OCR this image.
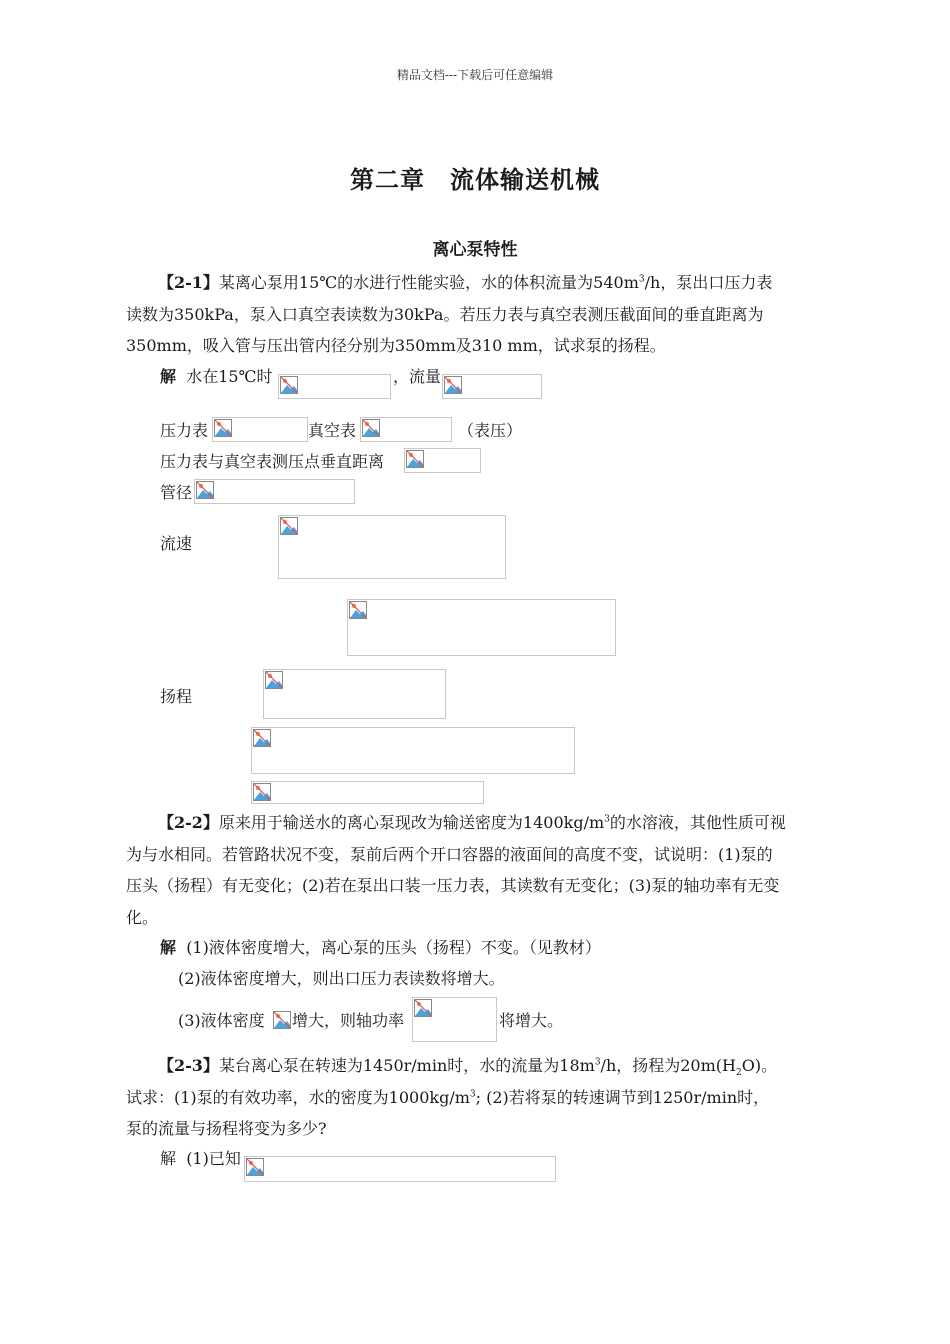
精品文档---下载后可任意编辑
第二章　流体输送机械
离心泵特性
【2-1】某离心泵用15℃的水进行性能实验，水的体积流量为$540m^3/h$，泵出口压力表
读数为350kPa，泵入口真空表读数为30kPa。若压力表与真空表测压截面间的垂直距离为
350mm，吸入管与压出管内径分别为350mm及310 mm，试求泵的扬程。
解 水在15℃时	，流量
压力表	真空表	（表压）
压力表与真空表测压点垂直距离
管径
流速
扬程
【2-2】原来用于输送水的离心泵现改为输送密度为$1400kg/m^3$的水溶液，其他性质可视
为与水相同。若管路状况不变，泵前后两个开口容器的液面间的高度不变，试说明：(1)泵的
压头（扬程）有无变化；(2)若在泵出口装一压力表，其读数有无变化；(3)泵的轴功率有无变
化。
解 (1)液体密度增大，离心泵的压头（扬程）不变。（见教材）
(2)液体密度增大，则出口压力表读数将增大。
(3)液体密度 增大，则轴功率	将增大。
【2-3】某台离心泵在转速为1450r/min时，水的流量为$18m^3/h$，扬程为$20m(H_2O)$。
试求：(1)泵的有效功率，水的密度为$1000kg/m^3$; (2)若将泵的转速调节到1250r/min时，
泵的流量与扬程将变为多少?
解 (1)已知
